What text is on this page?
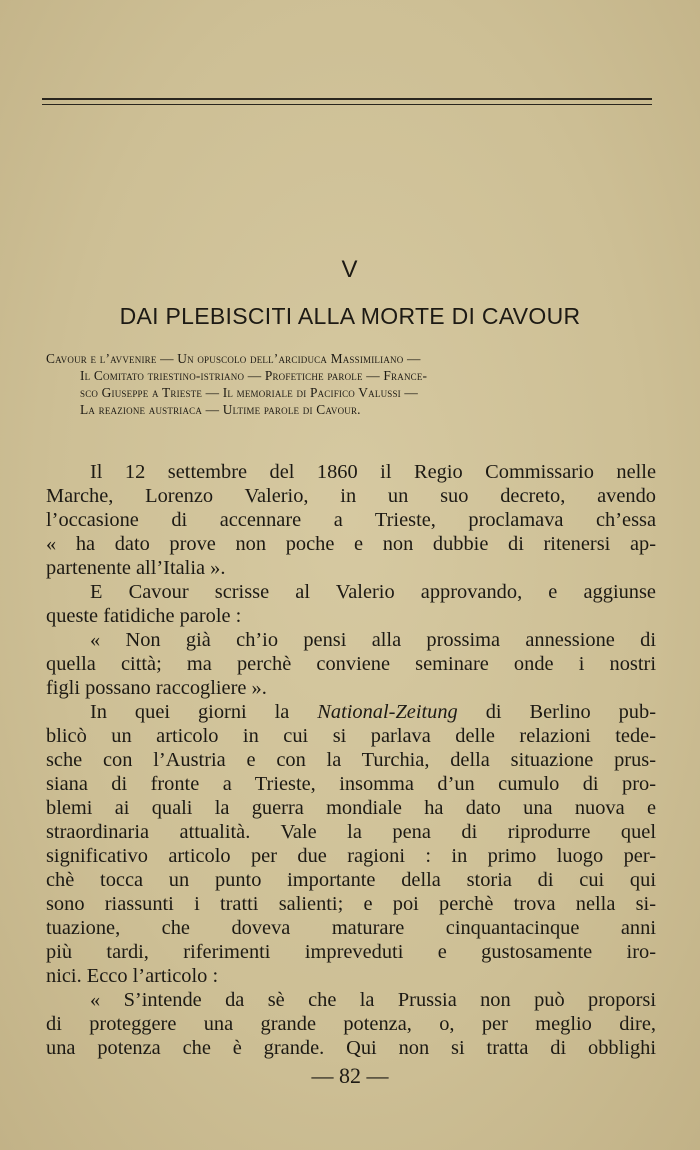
V
DAI PLEBISCITI ALLA MORTE DI CAVOUR
Cavour e l’avvenire — Un opuscolo dell’arciduca Massimiliano —
Il Comitato triestino-istriano — Profetiche parole — France-
sco Giuseppe a Trieste — Il memoriale di Pacifico Valussi —
La reazione austriaca — Ultime parole di Cavour.
Il 12 settembre del 1860 il Regio Commissario nelle
Marche, Lorenzo Valerio, in un suo decreto, avendo
l’occasione di accennare a Trieste, proclamava ch’essa
« ha dato prove non poche e non dubbie di ritenersi ap-
partenente all’Italia ».
E Cavour scrisse al Valerio approvando, e aggiunse
queste fatidiche parole :
« Non già ch’io pensi alla prossima annessione di
quella città; ma perchè conviene seminare onde i nostri
figli possano raccogliere ».
In quei giorni la National-Zeitung di Berlino pub-
blicò un articolo in cui si parlava delle relazioni tede-
sche con l’Austria e con la Turchia, della situazione prus-
siana di fronte a Trieste, insomma d’un cumulo di pro-
blemi ai quali la guerra mondiale ha dato una nuova e
straordinaria attualità. Vale la pena di riprodurre quel
significativo articolo per due ragioni : in primo luogo per-
chè tocca un punto importante della storia di cui qui
sono riassunti i tratti salienti; e poi perchè trova nella si-
tuazione, che doveva maturare cinquantacinque anni
più tardi, riferimenti impreveduti e gustosamente iro-
nici. Ecco l’articolo :
« S’intende da sè che la Prussia non può proporsi
di proteggere una grande potenza, o, per meglio dire,
una potenza che è grande. Qui non si tratta di obblighi
— 82 —
